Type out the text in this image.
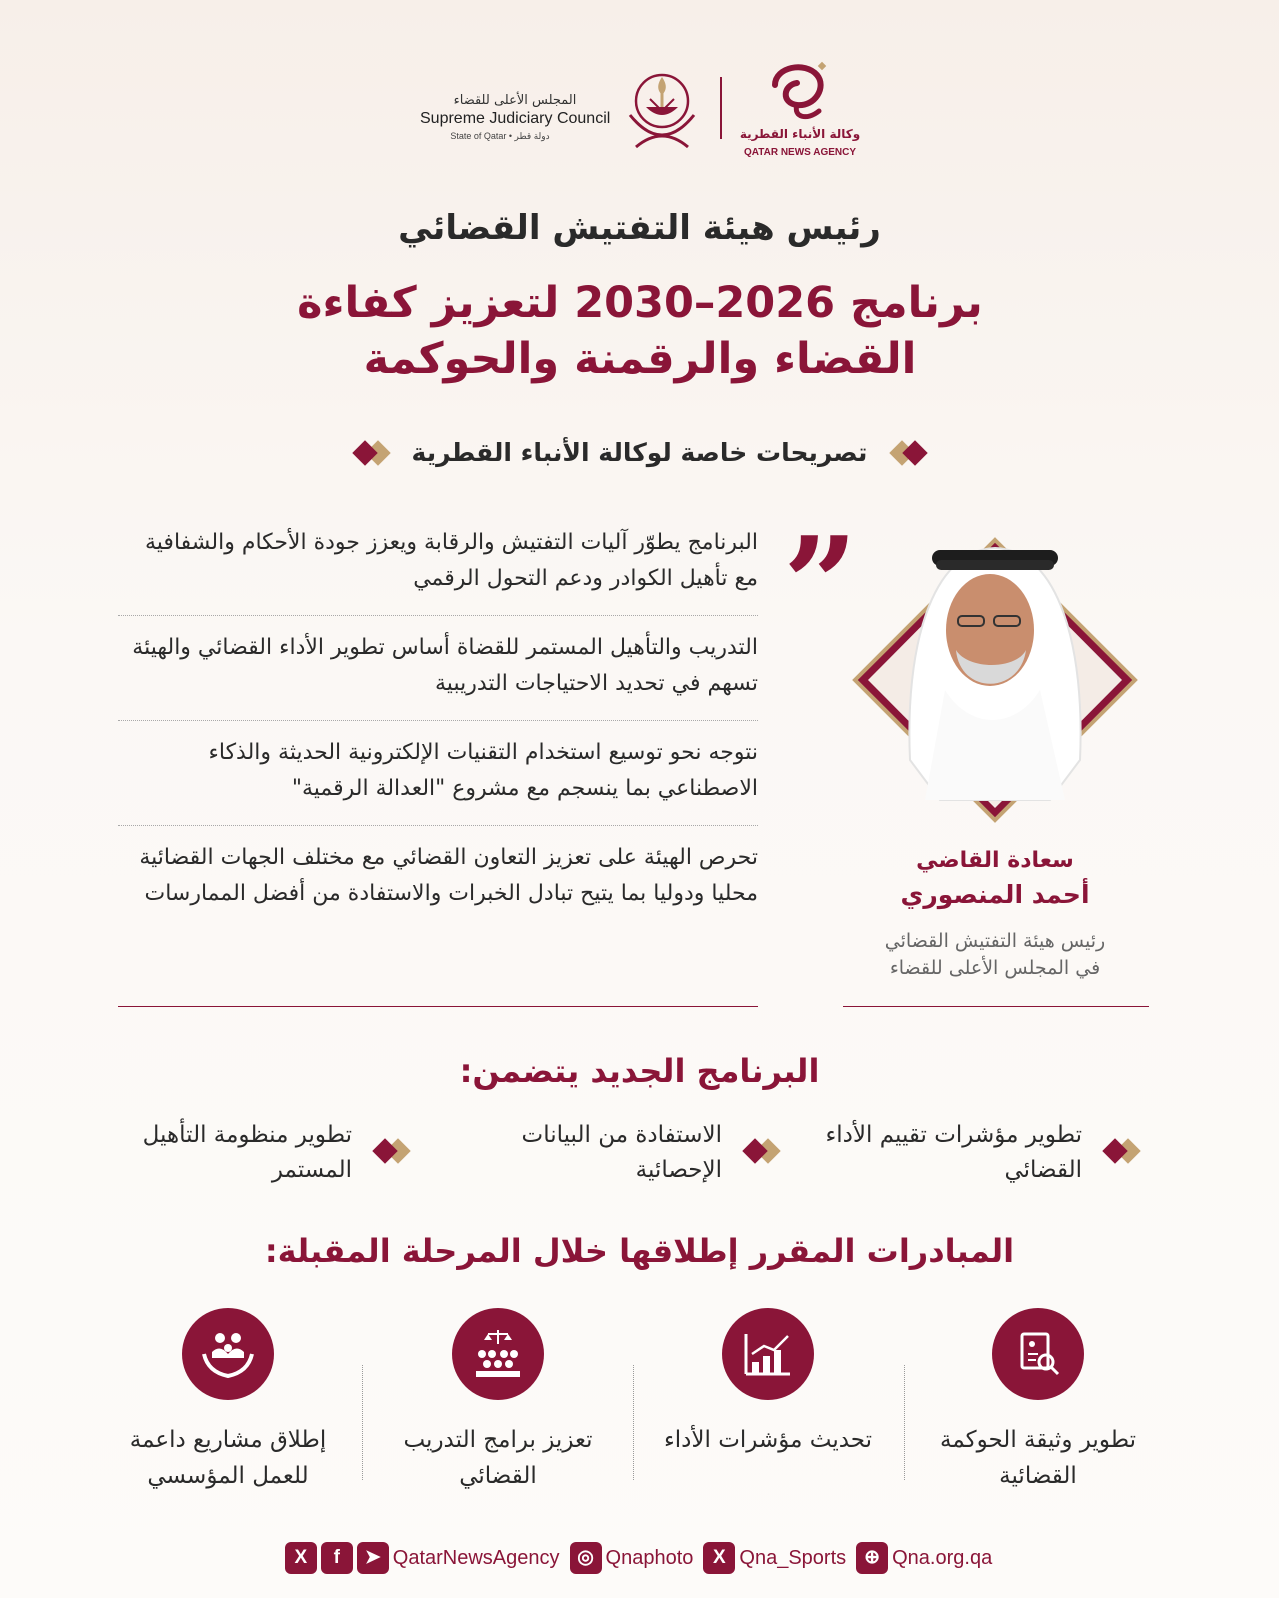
المجلس الأعلى للقضاء
Supreme Judiciary Council
State of Qatar • دولة قطر	وكالة الأنباء القطرية
QATAR NEWS AGENCY
رئيس هيئة التفتيش القضائي
برنامج 2026–2030 لتعزيز كفاءة
القضاء والرقمنة والحوكمة
تصريحات خاصة لوكالة الأنباء القطرية
”
البرنامج يطوّر آليات التفتيش والرقابة ويعزز جودة الأحكام والشفافية مع تأهيل الكوادر ودعم التحول الرقمي
التدريب والتأهيل المستمر للقضاة أساس تطوير الأداء القضائي والهيئة تسهم في تحديد الاحتياجات التدريبية
نتوجه نحو توسيع استخدام التقنيات الإلكترونية الحديثة والذكاء الاصطناعي بما ينسجم مع مشروع "العدالة الرقمية"
تحرص الهيئة على تعزيز التعاون القضائي مع مختلف الجهات القضائية محليا ودوليا بما يتيح تبادل الخبرات والاستفادة من أفضل الممارسات
سعادة القاضي
أحمد المنصوري
رئيس هيئة التفتيش القضائي
في المجلس الأعلى للقضاء
البرنامج الجديد يتضمن:
تطوير مؤشرات تقييم الأداء القضائي
الاستفادة من البيانات الإحصائية
تطوير منظومة التأهيل المستمر
المبادرات المقرر إطلاقها خلال المرحلة المقبلة:
تطوير وثيقة الحوكمة القضائية
تحديث مؤشرات الأداء
تعزيز برامج التدريب القضائي
إطلاق مشاريع داعمة للعمل المؤسسي
X f ➤ QatarNewsAgency ◎ Qnaphoto X Qna_Sports ⊕ Qna.org.qa
